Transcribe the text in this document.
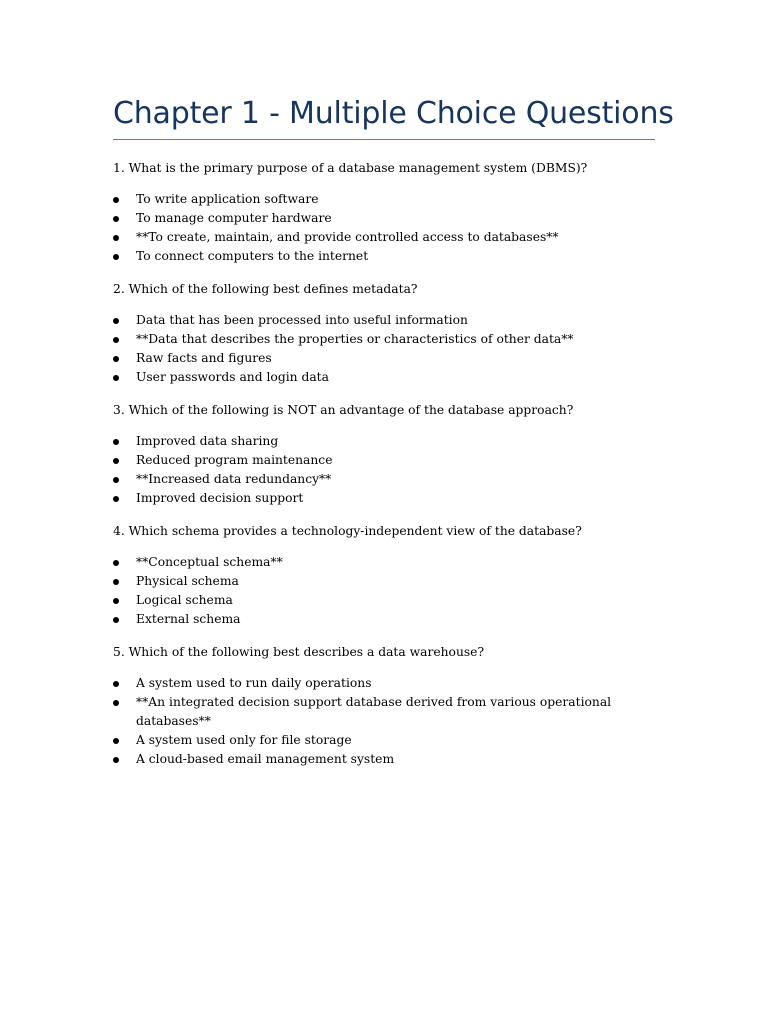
Chapter 1 - Multiple Choice Questions

1. What is the primary purpose of a database management system (DBMS)?

To write application software
To manage computer hardware
**To create, maintain, and provide controlled access to databases**
To connect computers to the internet

2. Which of the following best defines metadata?

Data that has been processed into useful information
**Data that describes the properties or characteristics of other data**
Raw facts and figures
User passwords and login data

3. Which of the following is NOT an advantage of the database approach?

Improved data sharing
Reduced program maintenance
**Increased data redundancy**
Improved decision support

4. Which schema provides a technology-independent view of the database?

**Conceptual schema**
Physical schema
Logical schema
External schema

5. Which of the following best describes a data warehouse?

A system used to run daily operations
**An integrated decision support database derived from various operational databases**
A system used only for file storage
A cloud-based email management system
